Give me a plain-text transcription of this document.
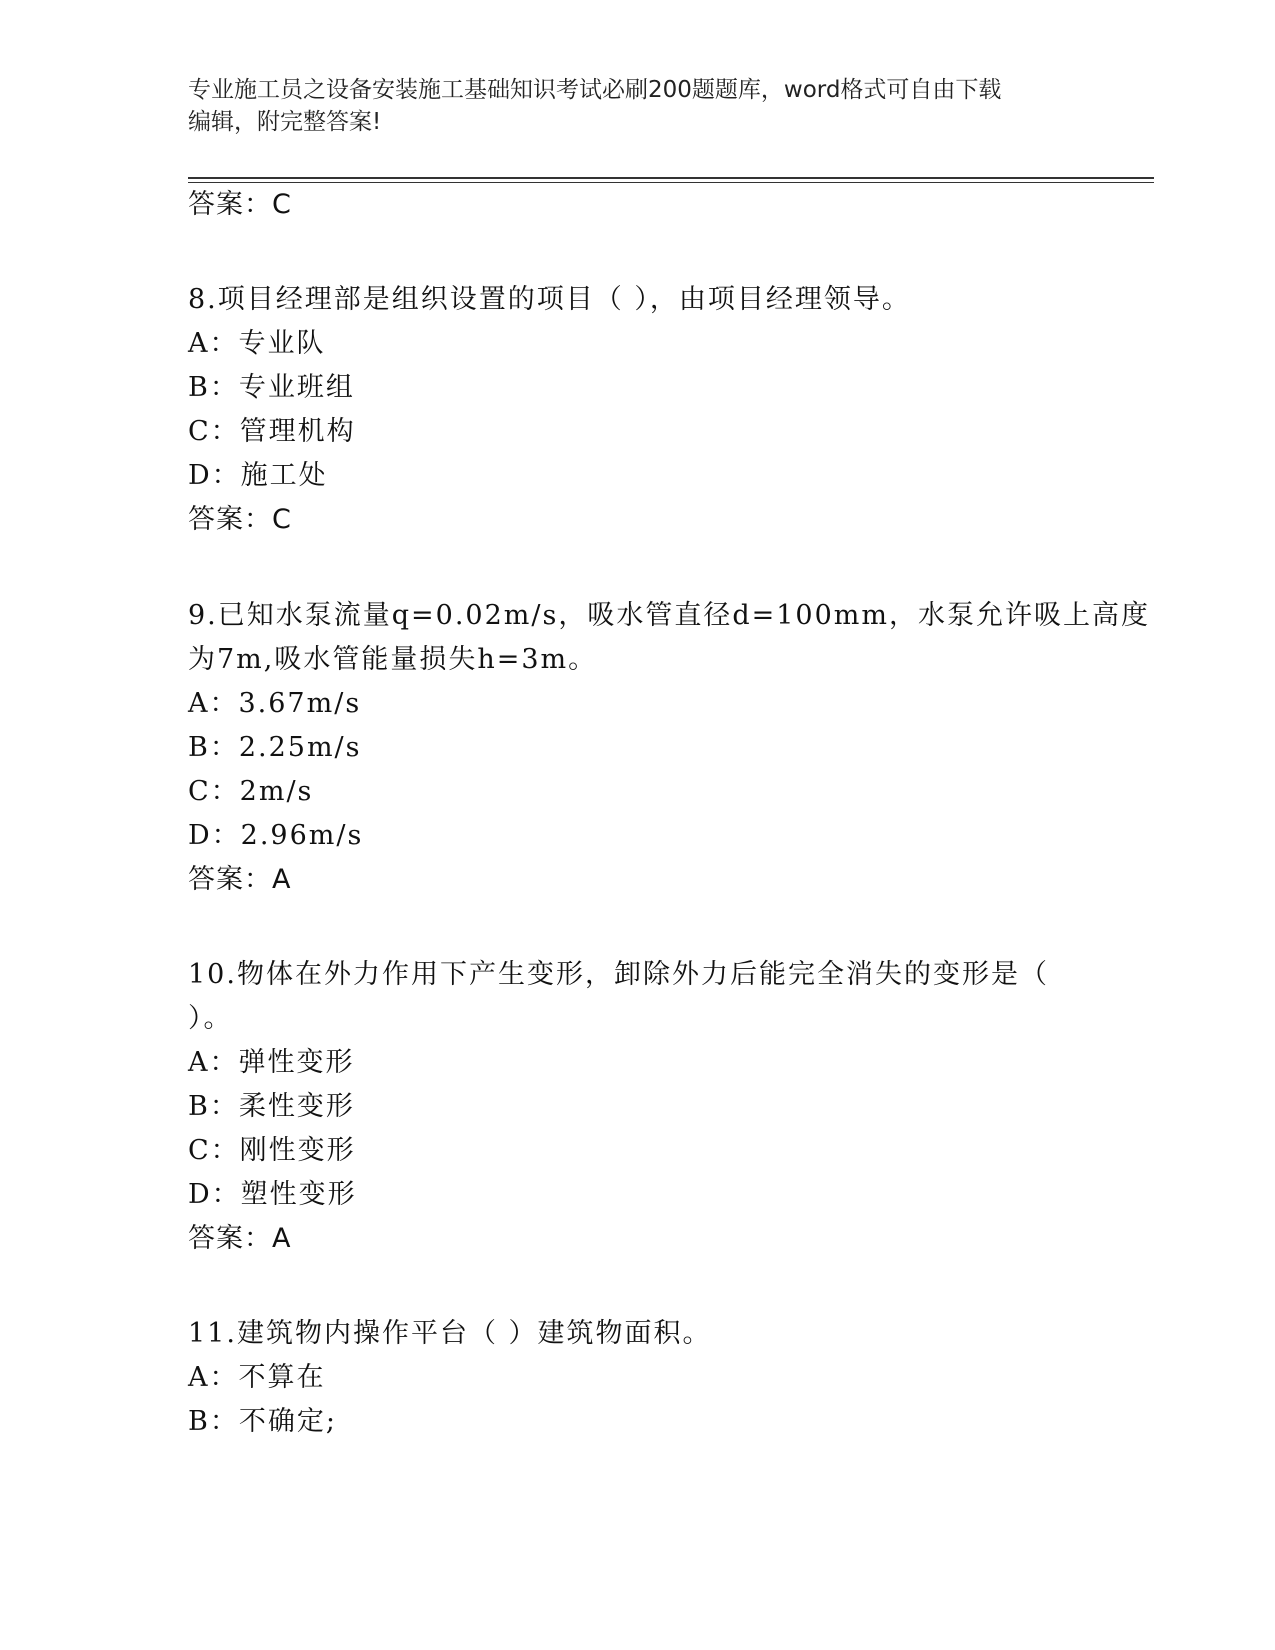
专业施工员之设备安装施工基础知识考试必刷200题题库，word格式可自由下载
编辑，附完整答案!
答案：C
8.项目经理部是组织设置的项目（ ），由项目经理领导。
A：专业队
B：专业班组
C：管理机构
D：施工处
答案：C
9.已知水泵流量q=0.02m/s，吸水管直径d=100mm，水泵允许吸上高度
为7m,吸水管能量损失h=3m。
A：3.67m/s
B：2.25m/s
C：2m/s
D：2.96m/s
答案：A
10.物体在外力作用下产生变形，卸除外力后能完全消失的变形是（
）。
A：弹性变形
B：柔性变形
C：刚性变形
D：塑性变形
答案：A
11.建筑物内操作平台（ ）建筑物面积。
A：不算在
B：不确定;
